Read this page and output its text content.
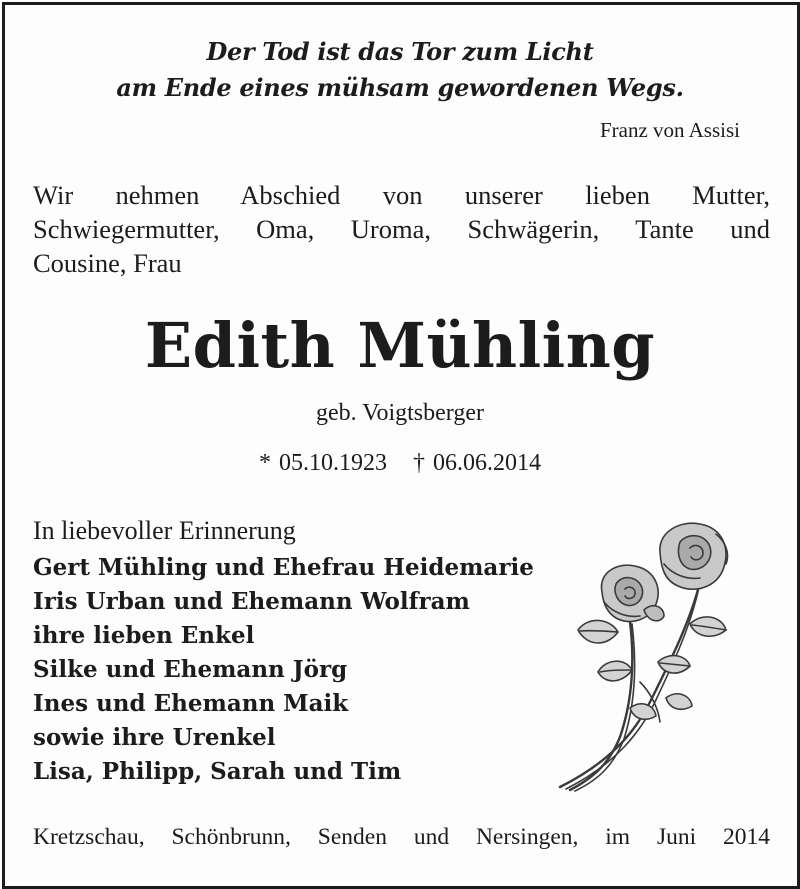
Der Tod ist das Tor zum Licht
am Ende eines mühsam gewordenen Wegs.
Franz von Assisi
Wir nehmen Abschied von unserer lieben Mutter,
Schwiegermutter, Oma, Uroma, Schwägerin, Tante und
Cousine, Frau
Edith Mühling
geb. Voigtsberger
* 05.10.1923 † 06.06.2014
In liebevoller Erinnerung
Gert Mühling und Ehefrau Heidemarie
Iris Urban und Ehemann Wolfram
ihre lieben Enkel
Silke und Ehemann Jörg
Ines und Ehemann Maik
sowie ihre Urenkel
Lisa, Philipp, Sarah und Tim
Kretzschau, Schönbrunn, Senden und Nersingen, im Juni 2014
